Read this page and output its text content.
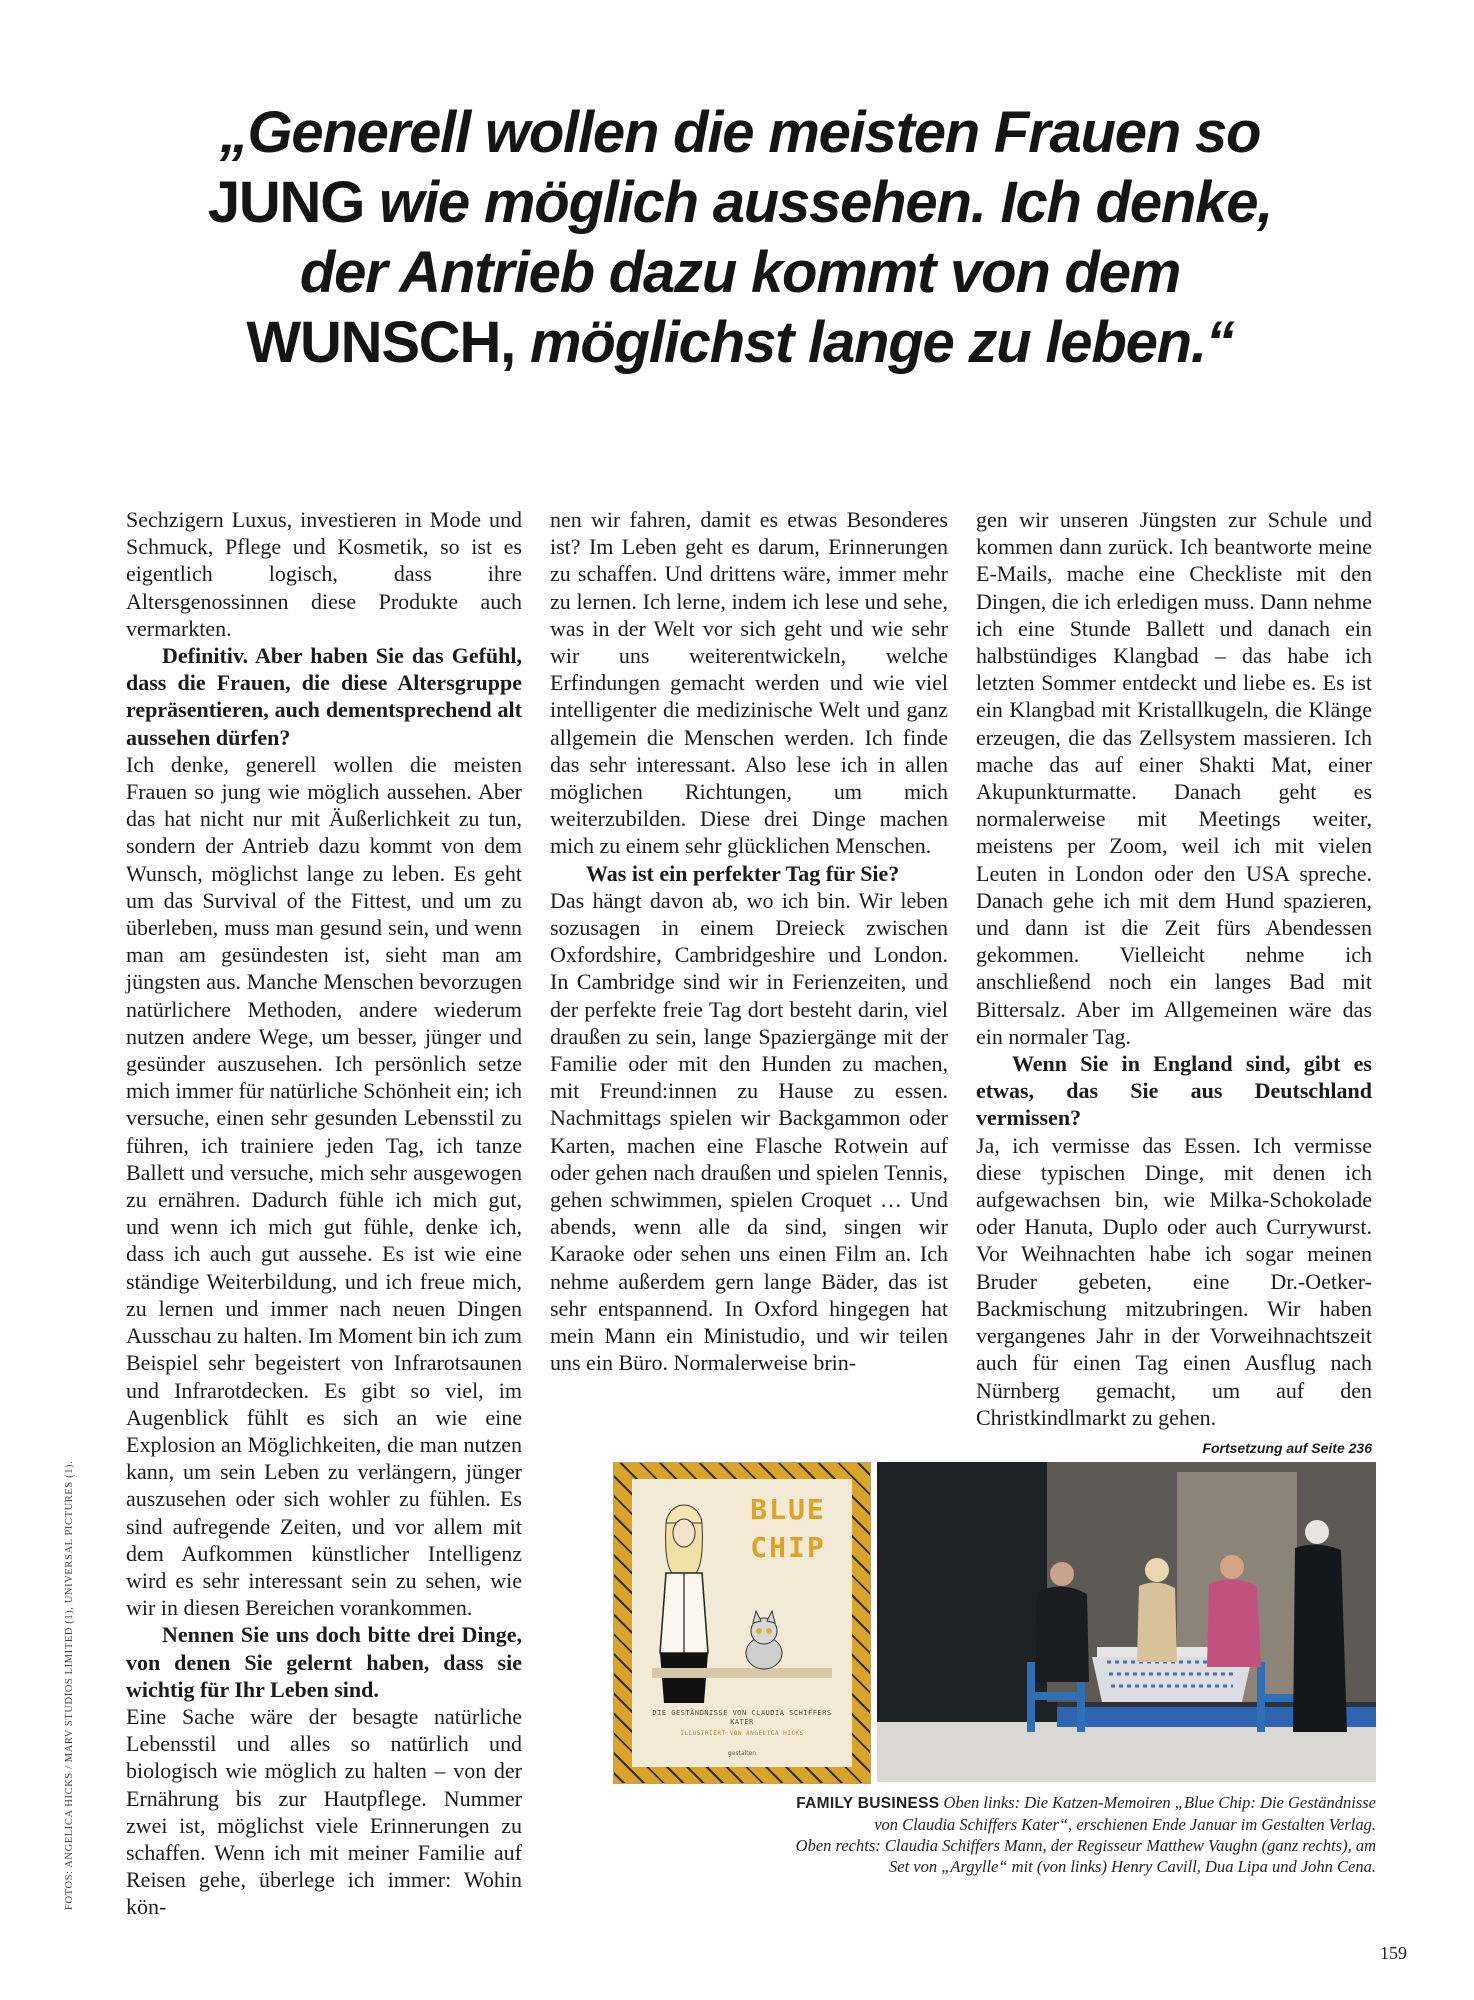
„Generell wollen die meisten Frauen so
JUNG wie möglich aussehen. Ich denke,
der Antrieb dazu kommt von dem
WUNSCH, möglichst lange zu leben.“

Sechzigern Luxus, investieren in Mode und Schmuck, Pflege und Kosmetik, so ist es eigentlich logisch, dass ihre Altersgenossinnen diese Produkte auch vermarkten.

Definitiv. Aber haben Sie das Gefühl, dass die Frauen, die diese Altersgruppe repräsentieren, auch dementsprechend alt aussehen dürfen?

Ich denke, generell wollen die meisten Frauen so jung wie möglich aussehen. Aber das hat nicht nur mit Äußerlichkeit zu tun, sondern der Antrieb dazu kommt von dem Wunsch, möglichst lange zu leben. Es geht um das Survival of the Fittest, und um zu überleben, muss man gesund sein, und wenn man am gesündesten ist, sieht man am jüngsten aus. Manche Menschen bevorzugen natürlichere Methoden, andere wiederum nutzen andere Wege, um besser, jünger und gesünder auszusehen. Ich persönlich setze mich immer für natürliche Schönheit ein; ich versuche, einen sehr gesunden Lebensstil zu führen, ich trainiere jeden Tag, ich tanze Ballett und versuche, mich sehr ausgewogen zu ernähren. Dadurch fühle ich mich gut, und wenn ich mich gut fühle, denke ich, dass ich auch gut aussehe. Es ist wie eine ständige Weiterbildung, und ich freue mich, zu lernen und immer nach neuen Dingen Ausschau zu halten. Im Moment bin ich zum Beispiel sehr begeistert von Infrarotsaunen und Infrarotdecken. Es gibt so viel, im Augenblick fühlt es sich an wie eine Explosion an Möglichkeiten, die man nutzen kann, um sein Leben zu verlängern, jünger auszusehen oder sich wohler zu fühlen. Es sind aufregende Zeiten, und vor allem mit dem Aufkommen künstlicher Intelligenz wird es sehr interessant sein zu sehen, wie wir in diesen Bereichen vorankommen.

Nennen Sie uns doch bitte drei Dinge, von denen Sie gelernt haben, dass sie wichtig für Ihr Leben sind.

Eine Sache wäre der besagte natürliche Lebensstil und alles so natürlich und biologisch wie möglich zu halten – von der Ernährung bis zur Hautpflege. Nummer zwei ist, möglichst viele Erinnerungen zu schaffen. Wenn ich mit meiner Familie auf Reisen gehe, überlege ich immer: Wohin kön-

nen wir fahren, damit es etwas Besonderes ist? Im Leben geht es darum, Erinnerungen zu schaffen. Und drittens wäre, immer mehr zu lernen. Ich lerne, indem ich lese und sehe, was in der Welt vor sich geht und wie sehr wir uns weiterentwickeln, welche Erfindungen gemacht werden und wie viel intelligenter die medizinische Welt und ganz allgemein die Menschen werden. Ich finde das sehr interessant. Also lese ich in allen möglichen Richtungen, um mich weiterzubilden. Diese drei Dinge machen mich zu einem sehr glücklichen Menschen.

Was ist ein perfekter Tag für Sie?

Das hängt davon ab, wo ich bin. Wir leben sozusagen in einem Dreieck zwischen Oxfordshire, Cambridgeshire und London. In Cambridge sind wir in Ferienzeiten, und der perfekte freie Tag dort besteht darin, viel draußen zu sein, lange Spaziergänge mit der Familie oder mit den Hunden zu machen, mit Freund:innen zu Hause zu essen. Nachmittags spielen wir Backgammon oder Karten, machen eine Flasche Rotwein auf oder gehen nach draußen und spielen Tennis, gehen schwimmen, spielen Croquet … Und abends, wenn alle da sind, singen wir Karaoke oder sehen uns einen Film an. Ich nehme außerdem gern lange Bäder, das ist sehr entspannend. In Oxford hingegen hat mein Mann ein Ministudio, und wir teilen uns ein Büro. Normalerweise brin-

gen wir unseren Jüngsten zur Schule und kommen dann zurück. Ich beantworte meine E-Mails, mache eine Checkliste mit den Dingen, die ich erledigen muss. Dann nehme ich eine Stunde Ballett und danach ein halbstündiges Klangbad – das habe ich letzten Sommer entdeckt und liebe es. Es ist ein Klangbad mit Kristallkugeln, die Klänge erzeugen, die das Zellsystem massieren. Ich mache das auf einer Shakti Mat, einer Akupunkturmatte. Danach geht es normalerweise mit Meetings weiter, meistens per Zoom, weil ich mit vielen Leuten in London oder den USA spreche. Danach gehe ich mit dem Hund spazieren, und dann ist die Zeit fürs Abendessen gekommen. Vielleicht nehme ich anschließend noch ein langes Bad mit Bittersalz. Aber im Allgemeinen wäre das ein normaler Tag.

Wenn Sie in England sind, gibt es etwas, das Sie aus Deutschland vermissen?

Ja, ich vermisse das Essen. Ich vermisse diese typischen Dinge, mit denen ich aufgewachsen bin, wie Milka-Schokolade oder Hanuta, Duplo oder auch Currywurst. Vor Weihnachten habe ich sogar meinen Bruder gebeten, eine Dr.-Oetker-Backmischung mitzubringen. Wir haben vergangenes Jahr in der Vorweihnachtszeit auch für einen Tag einen Ausflug nach Nürnberg gemacht, um auf den Christkindlmarkt zu gehen.
Fortsetzung auf Seite 236

FOTOS: ANGELICA HICKS / MARV STUDIOS LIMITED (1), UNIVERSAL PICTURES (1).	BLUE
CHIP
DIE GESTÄNDNISSE VON CLAUDIA SCHIFFERS KATER
ILLUSTRIERT VON ANGELICA HICKS
gestalten
FAMILY BUSINESS Oben links: Die Katzen-Memoiren „Blue Chip: Die Geständnisse
von Claudia Schiffers Kater“, erschienen Ende Januar im Gestalten Verlag.
Oben rechts: Claudia Schiffers Mann, der Regisseur Matthew Vaughn (ganz rechts), am
Set von „Argylle“ mit (von links) Henry Cavill, Dua Lipa und John Cena.
159
